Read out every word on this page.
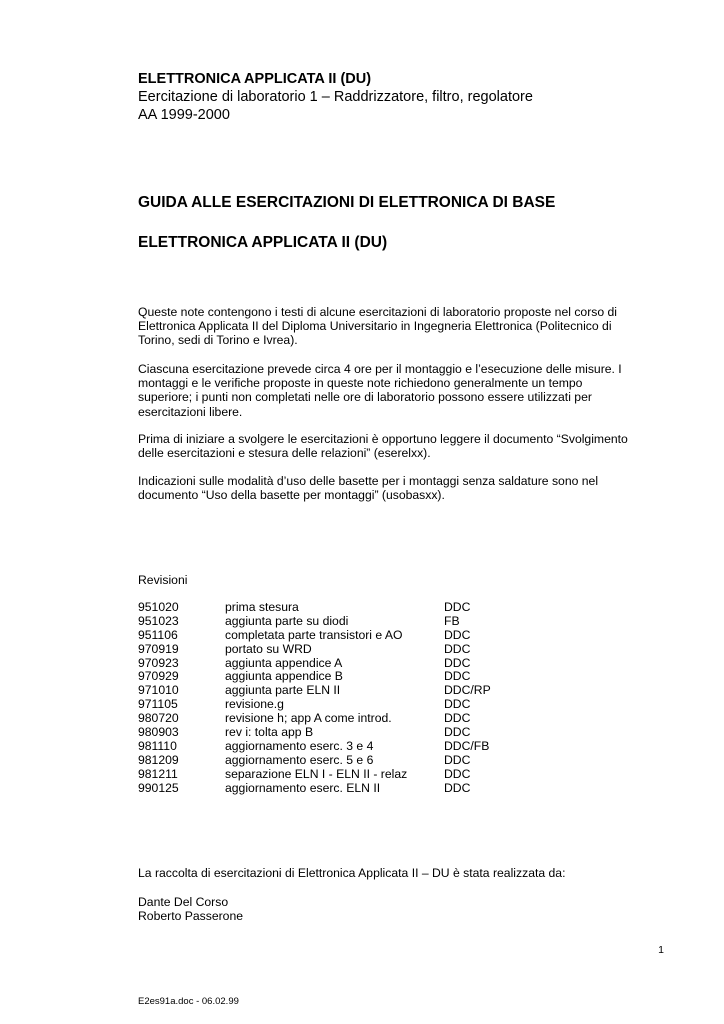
ELETTRONICA APPLICATA II (DU)
Eercitazione di laboratorio 1 – Raddrizzatore, filtro, regolatore
AA 1999-2000
GUIDA ALLE ESERCITAZIONI DI ELETTRONICA DI BASE
ELETTRONICA APPLICATA II (DU)
Queste note contengono i testi di alcune esercitazioni di laboratorio proposte nel corso di
Elettronica Applicata II del Diploma Universitario in Ingegneria Elettronica (Politecnico di
Torino, sedi di Torino e Ivrea).
Ciascuna esercitazione prevede circa 4 ore per il montaggio e l’esecuzione delle misure. I
montaggi e le verifiche proposte in queste note richiedono generalmente un tempo
superiore; i punti non completati nelle ore di laboratorio possono essere utilizzati per
esercitazioni libere.
Prima di iniziare a svolgere le esercitazioni è opportuno leggere il documento “Svolgimento
delle esercitazioni e stesura delle relazioni” (eserelxx).
Indicazioni sulle modalità d’uso delle basette per i montaggi senza saldature sono nel
documento “Uso della basette per montaggi” (usobasxx).
Revisioni
951020	prima stesura	DDC
951023	aggiunta parte su diodi	FB
951106	completata parte transistori e AO	DDC
970919	portato su WRD	DDC
970923	aggiunta appendice A	DDC
970929	aggiunta appendice B	DDC
971010	aggiunta parte ELN II	DDC/RP
971105	revisione.g	DDC
980720	revisione h; app A come introd.	DDC
980903	rev i: tolta app B	DDC
981110	aggiornamento eserc. 3 e 4	DDC/FB
981209	aggiornamento eserc. 5 e 6	DDC
981211	separazione ELN I - ELN II - relaz	DDC
990125	aggiornamento eserc. ELN II	DDC
La raccolta di esercitazioni di Elettronica Applicata II – DU è stata realizzata da:
Dante Del Corso
Roberto Passerone
1
E2es91a.doc - 06.02.99
